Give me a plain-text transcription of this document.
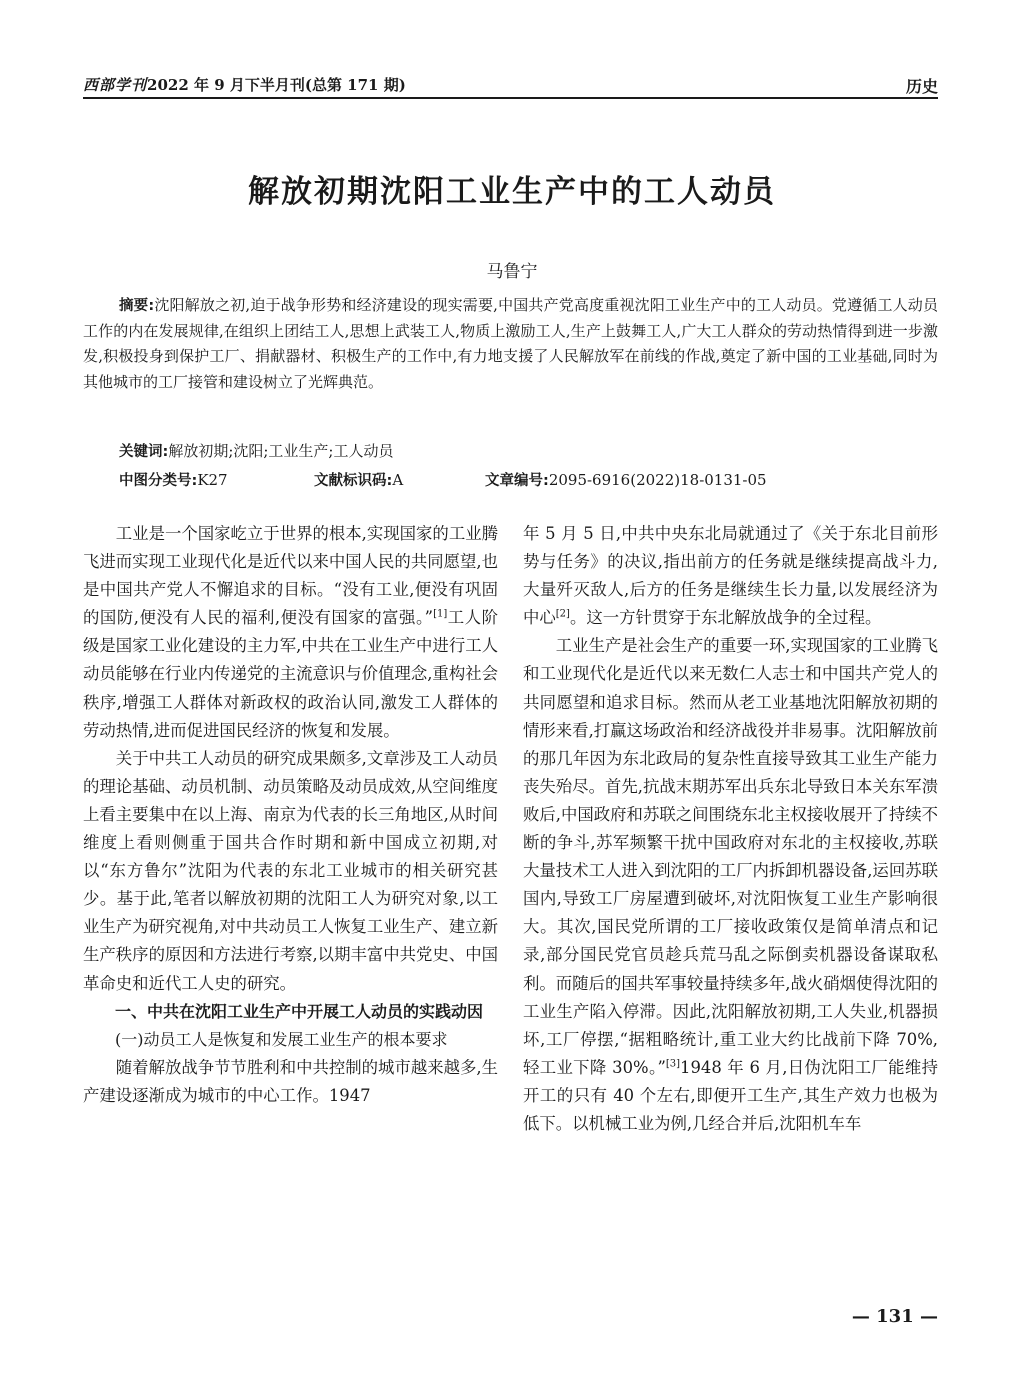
西部学刊2022 年 9 月下半月刊(总第 171 期)	历史
解放初期沈阳工业生产中的工人动员
马鲁宁
摘要:沈阳解放之初,迫于战争形势和经济建设的现实需要,中国共产党高度重视沈阳工业生产中的工人动员。党遵循工人动员工作的内在发展规律,在组织上团结工人,思想上武装工人,物质上激励工人,生产上鼓舞工人,广大工人群众的劳动热情得到进一步激发,积极投身到保护工厂、捐献器材、积极生产的工作中,有力地支援了人民解放军在前线的作战,奠定了新中国的工业基础,同时为其他城市的工厂接管和建设树立了光辉典范。
关键词:解放初期;沈阳;工业生产;工人动员
中图分类号:K27	文献标识码:A	文章编号:2095-6916(2022)18-0131-05

工业是一个国家屹立于世界的根本,实现国家的工业腾飞进而实现工业现代化是近代以来中国人民的共同愿望,也是中国共产党人不懈追求的目标。“没有工业,便没有巩固的国防,便没有人民的福利,便没有国家的富强。”[1]工人阶级是国家工业化建设的主力军,中共在工业生产中进行工人动员能够在行业内传递党的主流意识与价值理念,重构社会秩序,增强工人群体对新政权的政治认同,激发工人群体的劳动热情,进而促进国民经济的恢复和发展。

关于中共工人动员的研究成果颇多,文章涉及工人动员的理论基础、动员机制、动员策略及动员成效,从空间维度上看主要集中在以上海、南京为代表的长三角地区,从时间维度上看则侧重于国共合作时期和新中国成立初期,对以“东方鲁尔”沈阳为代表的东北工业城市的相关研究甚少。基于此,笔者以解放初期的沈阳工人为研究对象,以工业生产为研究视角,对中共动员工人恢复工业生产、建立新生产秩序的原因和方法进行考察,以期丰富中共党史、中国革命史和近代工人史的研究。

一、中共在沈阳工业生产中开展工人动员的实践动因
(一)动员工人是恢复和发展工业生产的根本要求

随着解放战争节节胜利和中共控制的城市越来越多,生产建设逐渐成为城市的中心工作。1947

年 5 月 5 日,中共中央东北局就通过了《关于东北目前形势与任务》的决议,指出前方的任务就是继续提高战斗力,大量歼灭敌人,后方的任务是继续生长力量,以发展经济为中心[2]。这一方针贯穿于东北解放战争的全过程。

工业生产是社会生产的重要一环,实现国家的工业腾飞和工业现代化是近代以来无数仁人志士和中国共产党人的共同愿望和追求目标。然而从老工业基地沈阳解放初期的情形来看,打赢这场政治和经济战役并非易事。沈阳解放前的那几年因为东北政局的复杂性直接导致其工业生产能力丧失殆尽。首先,抗战末期苏军出兵东北导致日本关东军溃败后,中国政府和苏联之间围绕东北主权接收展开了持续不断的争斗,苏军频繁干扰中国政府对东北的主权接收,苏联大量技术工人进入到沈阳的工厂内拆卸机器设备,运回苏联国内,导致工厂房屋遭到破坏,对沈阳恢复工业生产影响很大。其次,国民党所谓的工厂接收政策仅是简单清点和记录,部分国民党官员趁兵荒马乱之际倒卖机器设备谋取私利。而随后的国共军事较量持续多年,战火硝烟使得沈阳的工业生产陷入停滞。因此,沈阳解放初期,工人失业,机器损坏,工厂停摆,“据粗略统计,重工业大约比战前下降 70%,轻工业下降 30%。”[3]1948 年 6 月,日伪沈阳工厂能维持开工的只有 40 个左右,即便开工生产,其生产效力也极为低下。以机械工业为例,几经合并后,沈阳机车车

— 131 —
